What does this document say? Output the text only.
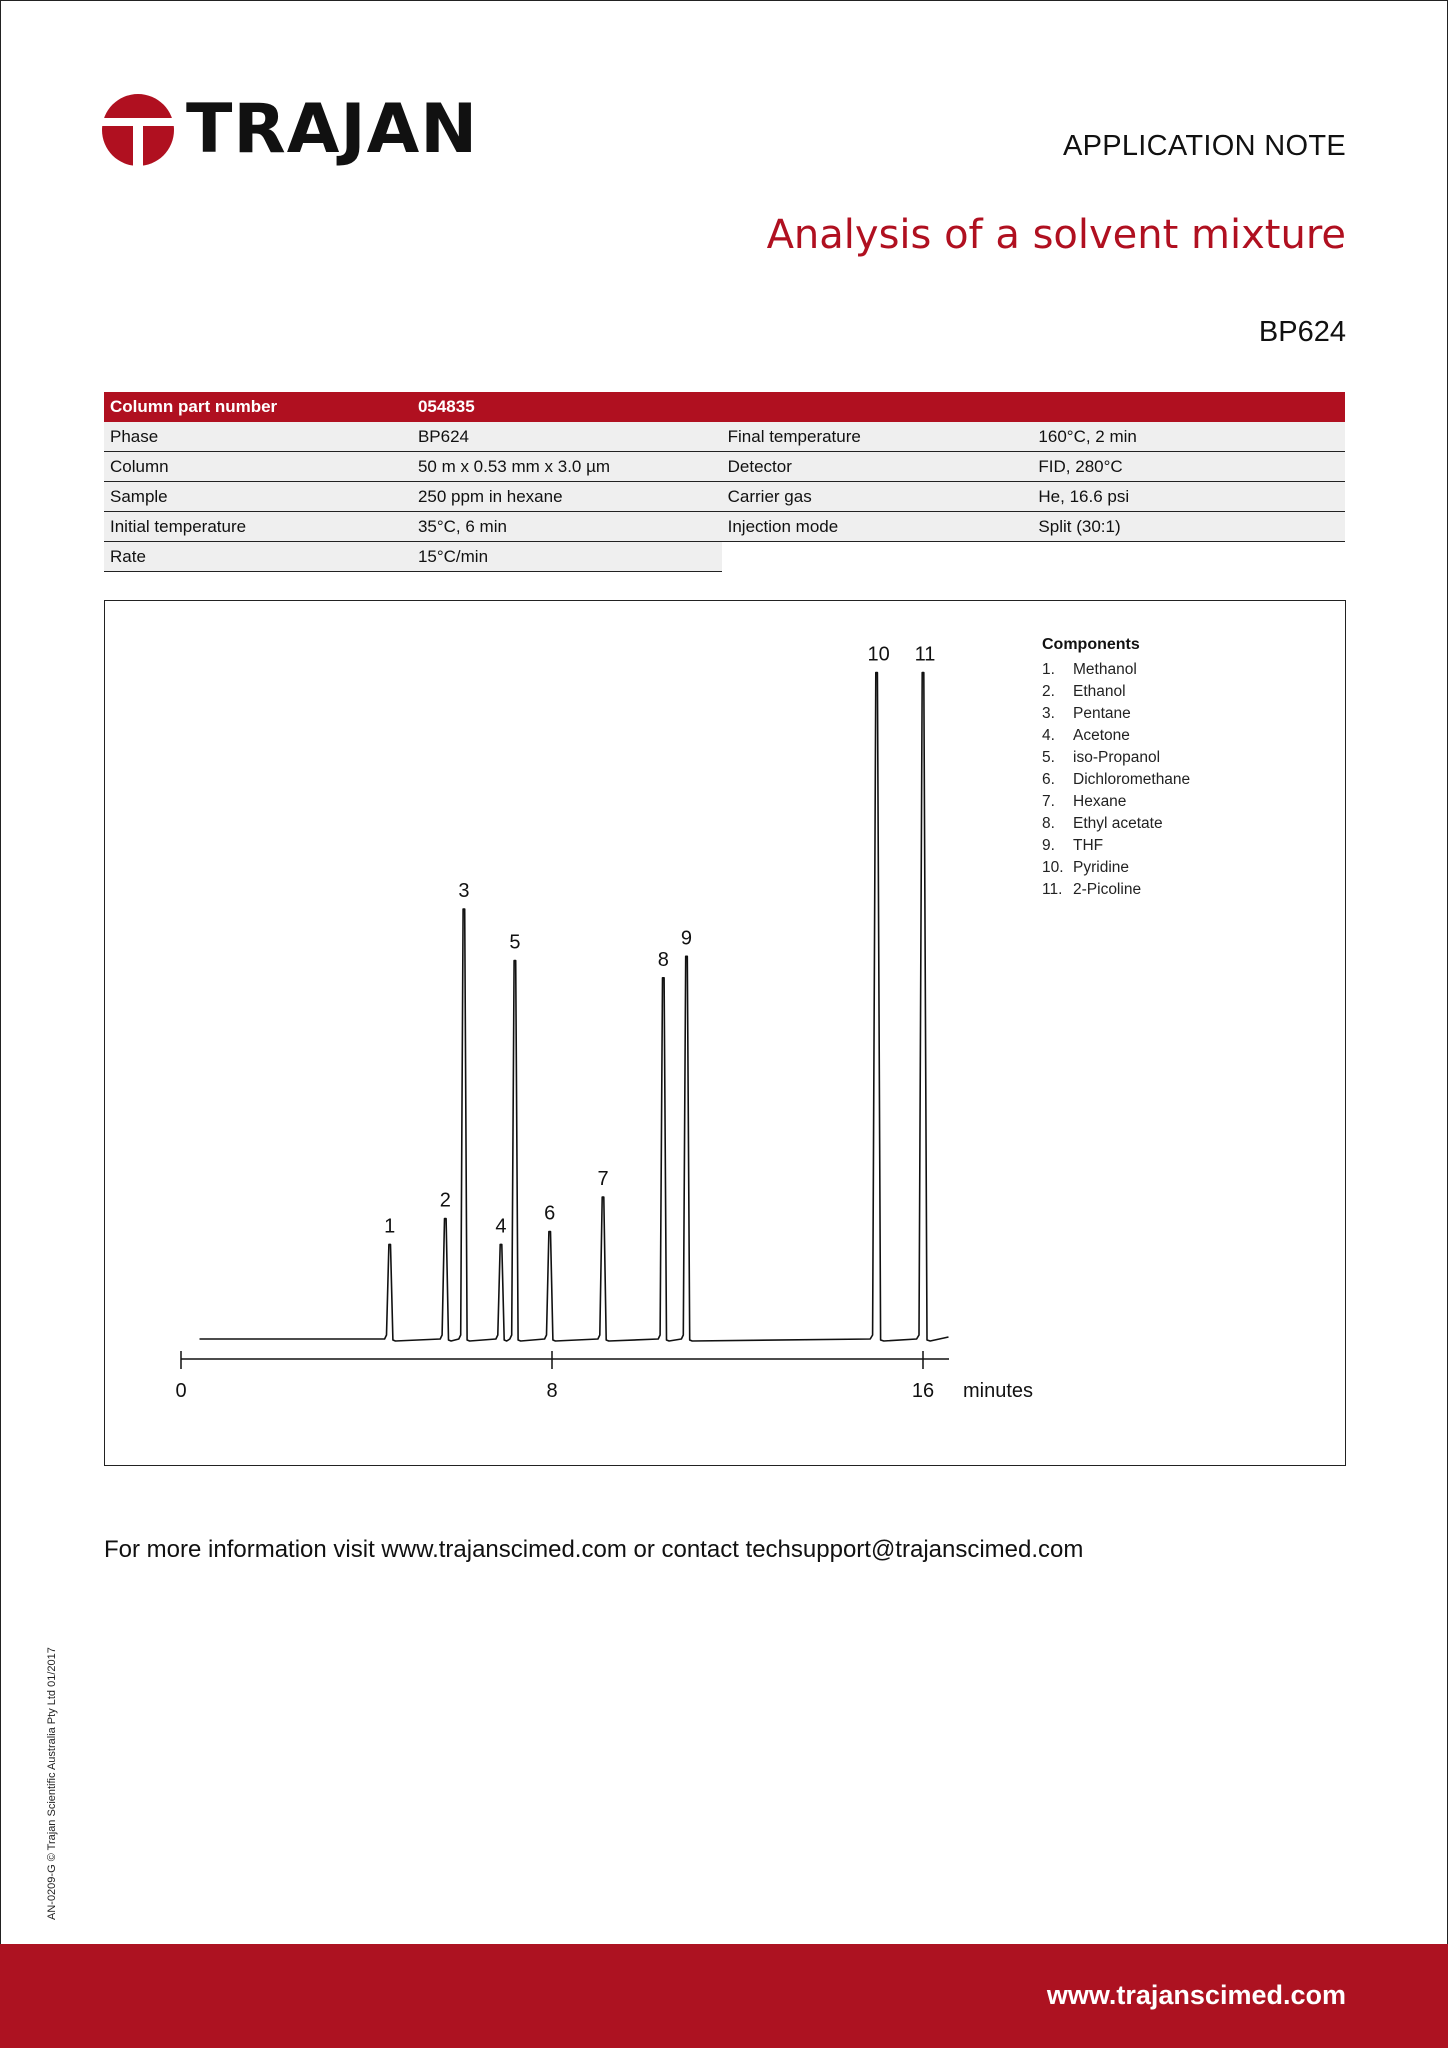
TRAJAN	APPLICATION NOTE
Analysis of a solvent mixture
BP624
Column part number	054835		
Phase	BP624	Final temperature	160°C, 2 min
Column	50 m x 0.53 mm x 3.0 µm	Detector	FID, 280°C
Sample	250 ppm in hexane	Carrier gas	He, 16.6 psi
Initial temperature	35°C, 6 min	Injection mode	Split (30:1)
Rate	15°C/min		
1
2
3
4
5
6
7
8
9
10 11
0	8	16 minutes
Components
1. Methanol
2. Ethanol
3. Pentane
4. Acetone
5. iso-Propanol
6. Dichloromethane
7. Hexane
8. Ethyl acetate
9. THF
10. Pyridine
11. 2-Picoline
For more information visit www.trajanscimed.com or contact techsupport@trajanscimed.com
AN-0209-G © Trajan Scientific Australia Pty Ltd 01/2017
www.trajanscimed.com
